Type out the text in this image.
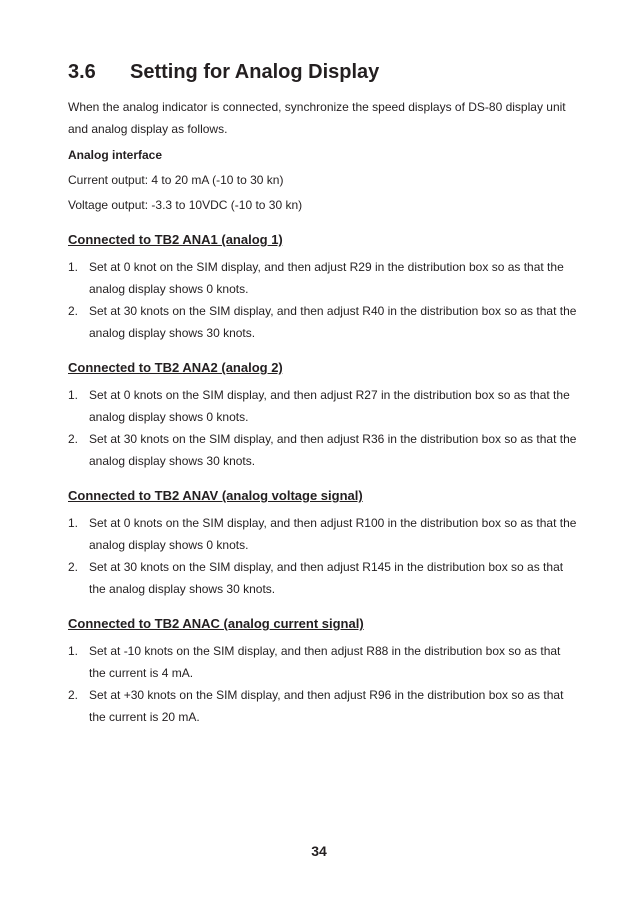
3.6	Setting for Analog Display

When the analog indicator is connected, synchronize the speed displays of DS-80 display unit and analog display as follows.

Analog interface
Current output: 4 to 20 mA (-10 to 30 kn)
Voltage output: -3.3 to 10VDC (-10 to 30 kn)
Connected to TB2 ANA1 (analog 1)
1. Set at 0 knot on the SIM display, and then adjust R29 in the distribution box so as that the analog display shows 0 knots.
2. Set at 30 knots on the SIM display, and then adjust R40 in the distribution box so as that the analog display shows 30 knots.
Connected to TB2 ANA2 (analog 2)
1. Set at 0 knots on the SIM display, and then adjust R27 in the distribution box so as that the analog display shows 0 knots.
2. Set at 30 knots on the SIM display, and then adjust R36 in the distribution box so as that the analog display shows 30 knots.
Connected to TB2 ANAV (analog voltage signal)
1. Set at 0 knots on the SIM display, and then adjust R100 in the distribution box so as that the analog display shows 0 knots.
2. Set at 30 knots on the SIM display, and then adjust R145 in the distribution box so as that the analog display shows 30 knots.
Connected to TB2 ANAC (analog current signal)
1. Set at -10 knots on the SIM display, and then adjust R88 in the distribution box so as that the current is 4 mA.
2. Set at +30 knots on the SIM display, and then adjust R96 in the distribution box so as that the current is 20 mA.
34
